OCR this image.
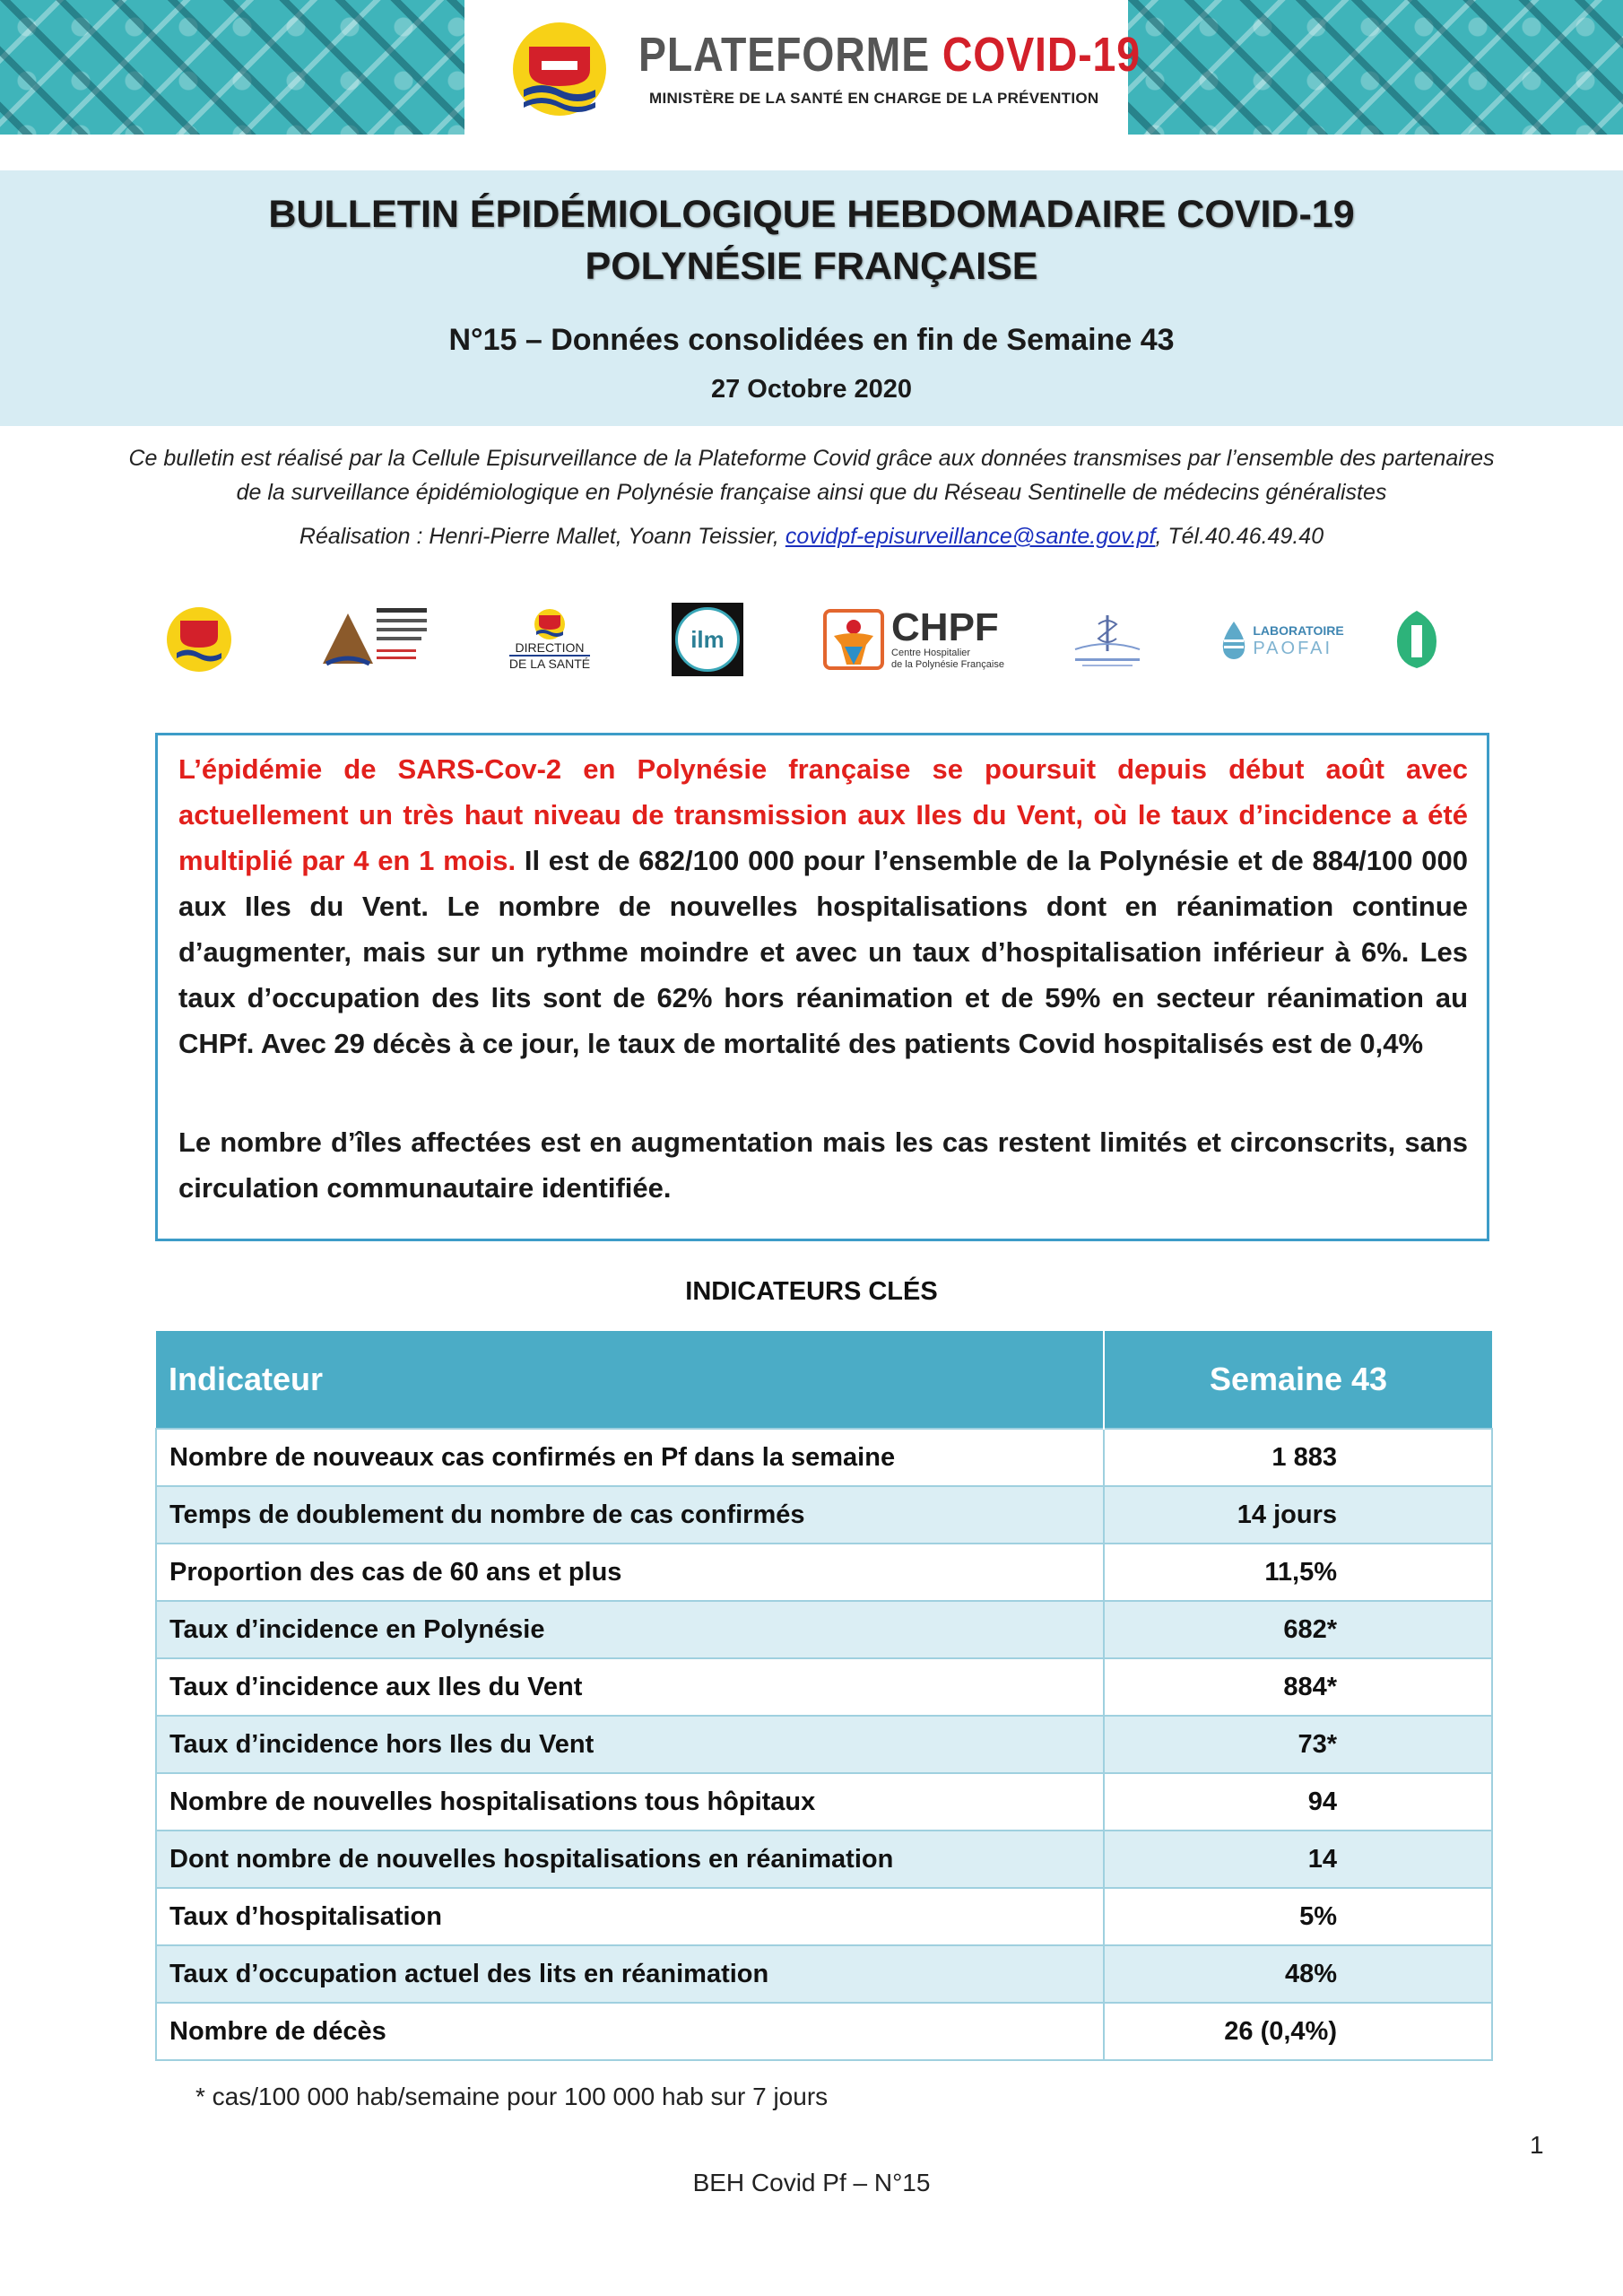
PLATEFORME COVID-19
MINISTÈRE DE LA SANTÉ EN CHARGE DE LA PRÉVENTION
BULLETIN ÉPIDÉMIOLOGIQUE HEBDOMADAIRE COVID-19
POLYNÉSIE FRANÇAISE
N°15 – Données consolidées en fin de Semaine 43
27 Octobre 2020
Ce bulletin est réalisé par la Cellule Episurveillance de la Plateforme Covid grâce aux données transmises par l’ensemble des partenaires de la surveillance épidémiologique en Polynésie française ainsi que du Réseau Sentinelle de médecins généralistes
Réalisation : Henri-Pierre Mallet, Yoann Teissier, covidpf-episurveillance@sante.gov.pf, Tél.40.46.49.40
DIRECTION
DE LA SANTÉ
ilm	CHPF
Centre Hospitalier
de la Polynésie Française
LABORATOIRE
PAOFAI

L’épidémie de SARS-Cov-2 en Polynésie française se poursuit depuis début août avec actuellement un très haut niveau de transmission aux Iles du Vent, où le taux d’incidence a été multiplié par 4 en 1 mois. Il est de 682/100 000 pour l’ensemble de la Polynésie et de 884/100 000 aux Iles du Vent. Le nombre de nouvelles hospitalisations dont en réanimation continue d’augmenter, mais sur un rythme moindre et avec un taux d’hospitalisation inférieur à 6%. Les taux d’occupation des lits sont de 62% hors réanimation et de 59% en secteur réanimation au CHPf. Avec 29 décès à ce jour, le taux de mortalité des patients Covid hospitalisés est de 0,4%

Le nombre d’îles affectées est en augmentation mais les cas restent limités et circonscrits, sans circulation communautaire identifiée.

INDICATEURS CLÉS
Indicateur	Semaine 43
Nombre de nouveaux cas confirmés en Pf dans la semaine	1 883
Temps de doublement du nombre de cas confirmés	14 jours
Proportion des cas de 60 ans et plus	11,5%
Taux d’incidence en Polynésie	682*
Taux d’incidence aux Iles du Vent	884*
Taux d’incidence hors Iles du Vent	73*
Nombre de nouvelles hospitalisations tous hôpitaux	94
Dont nombre de nouvelles hospitalisations en réanimation	14
Taux d’hospitalisation	5%
Taux d’occupation actuel des lits en réanimation	48%
Nombre de décès	26 (0,4%)
* cas/100 000 hab/semaine pour 100 000 hab sur 7 jours
1
BEH Covid Pf – N°15
